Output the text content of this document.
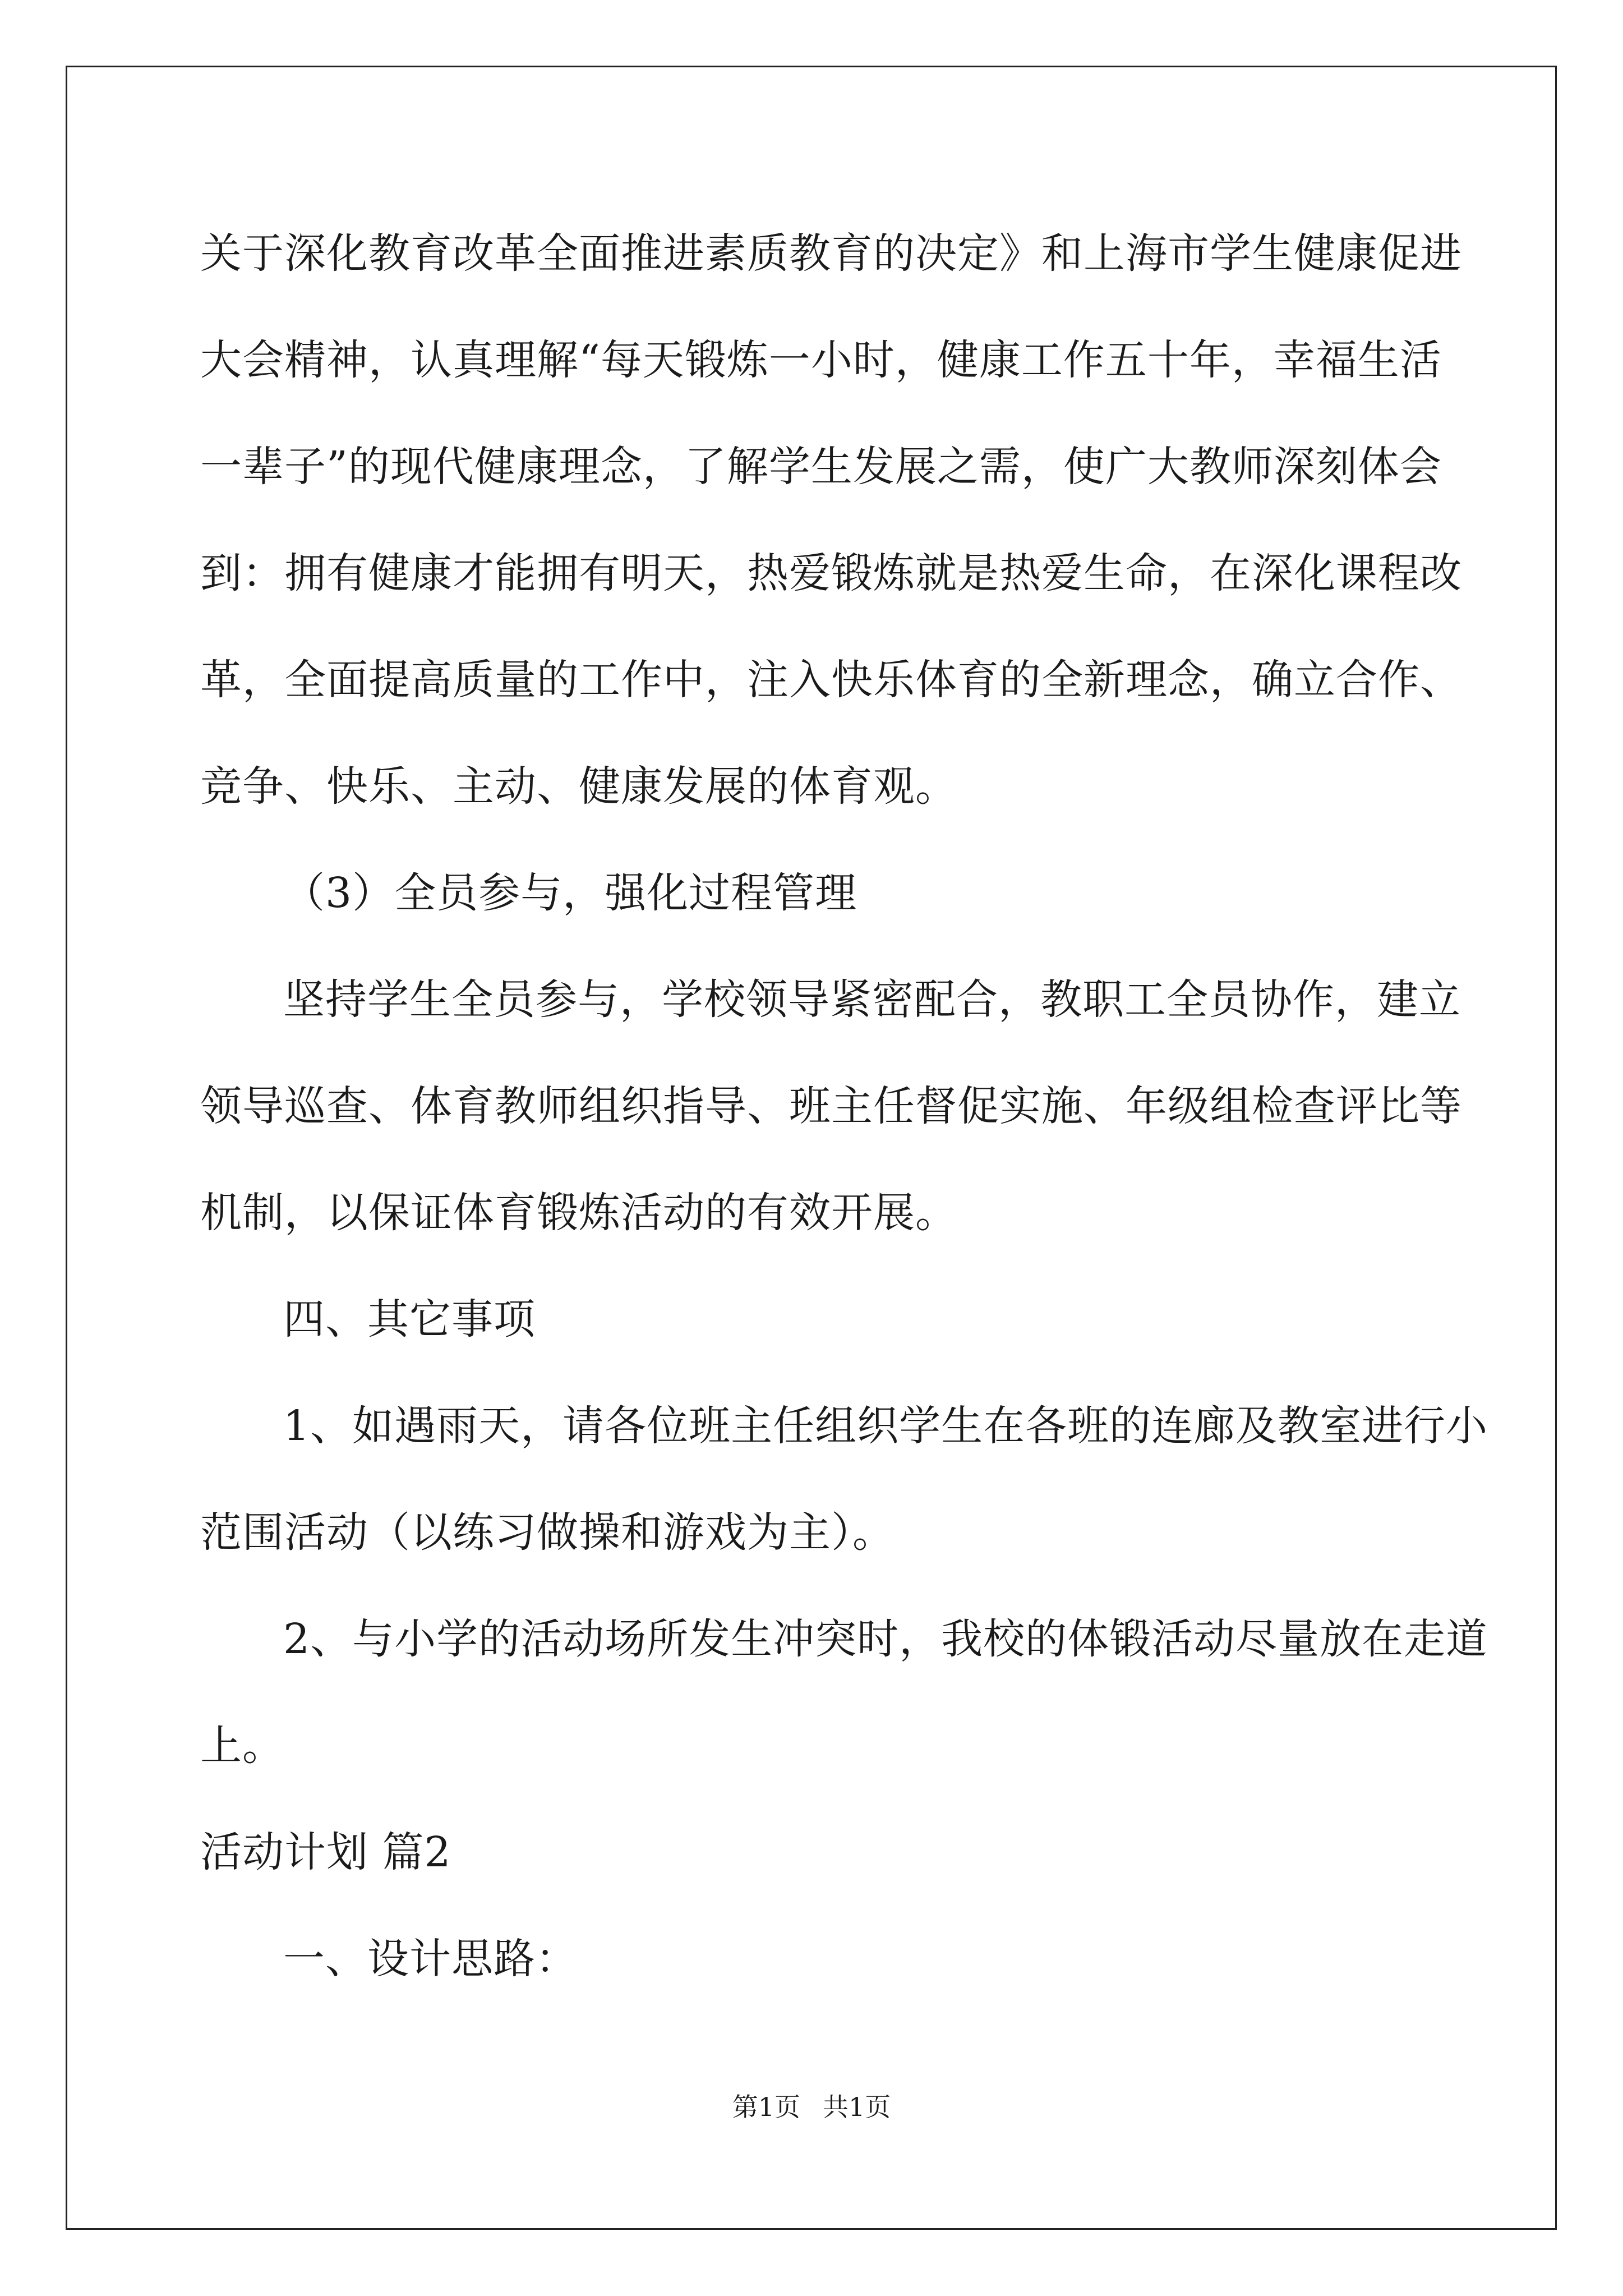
关于深化教育改革全面推进素质教育的决定》和上海市学生健康促进
大会精神，认真理解“每天锻炼一小时，健康工作五十年，幸福生活
一辈子”的现代健康理念，了解学生发展之需，使广大教师深刻体会
到：拥有健康才能拥有明天，热爱锻炼就是热爱生命，在深化课程改
革，全面提高质量的工作中，注入快乐体育的全新理念，确立合作、
竞争、快乐、主动、健康发展的体育观。
（3）全员参与，强化过程管理
坚持学生全员参与，学校领导紧密配合，教职工全员协作，建立
领导巡查、体育教师组织指导、班主任督促实施、年级组检查评比等
机制，以保证体育锻炼活动的有效开展。
四、其它事项
1、如遇雨天，请各位班主任组织学生在各班的连廊及教室进行小
范围活动（以练习做操和游戏为主）。
2、与小学的活动场所发生冲突时，我校的体锻活动尽量放在走道
上。
活动计划 篇2
一、设计思路：
第1页 共1页
